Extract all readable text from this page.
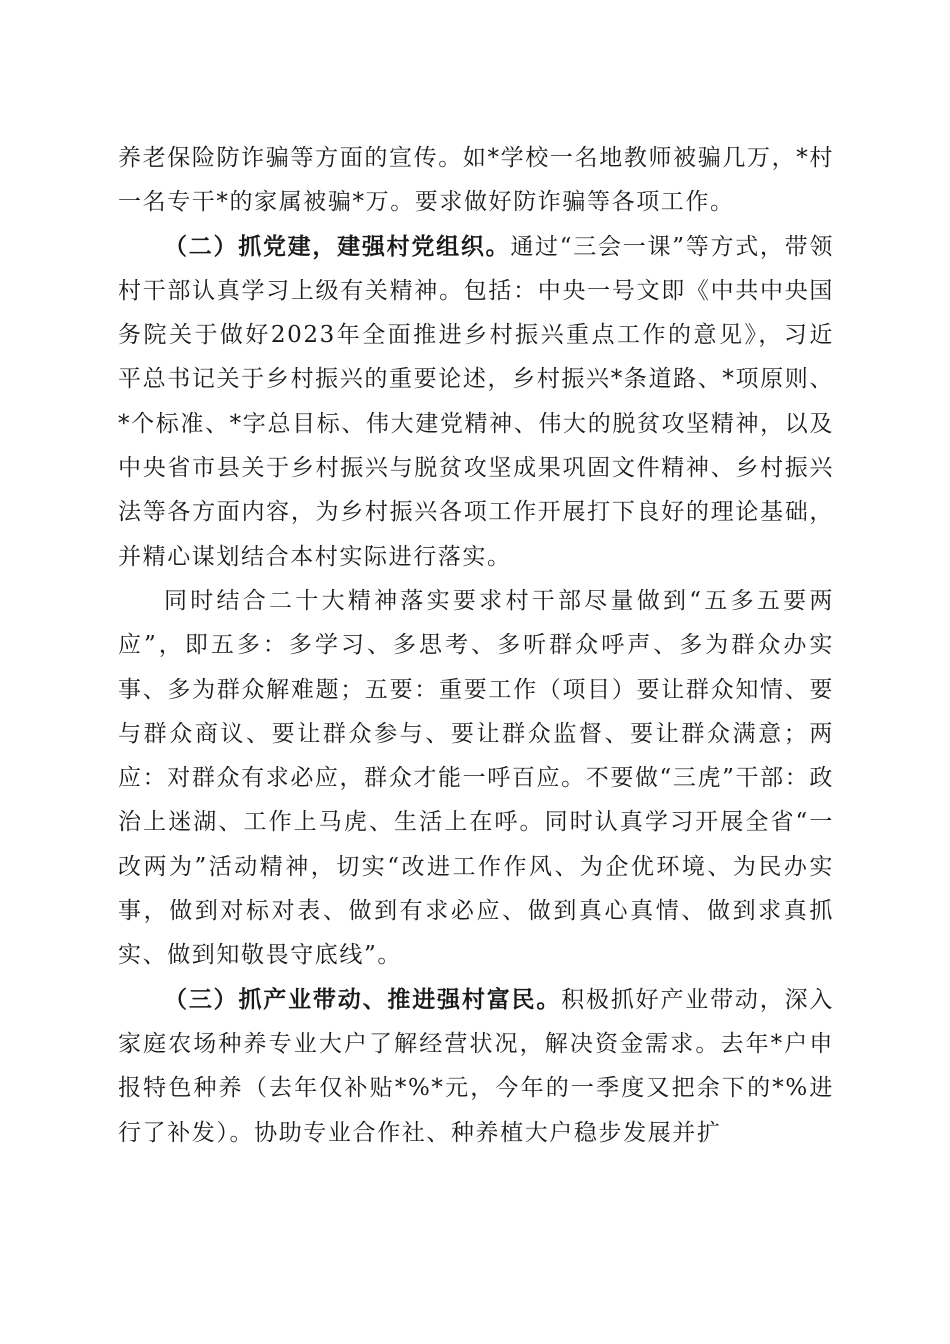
养老保险防诈骗等方面的宣传。如*学校一名地教师被骗几万，*村一名专干*的家属被骗*万。要求做好防诈骗等各项工作。

（二）抓党建，建强村党组织。通过“三会一课”等方式，带领村干部认真学习上级有关精神。包括：中央一号文即《中共中央国务院关于做好2023年全面推进乡村振兴重点工作的意见》，习近平总书记关于乡村振兴的重要论述，乡村振兴*条道路、*项原则、*个标准、*字总目标、伟大建党精神、伟大的脱贫攻坚精神，以及中央省市县关于乡村振兴与脱贫攻坚成果巩固文件精神、乡村振兴法等各方面内容，为乡村振兴各项工作开展打下良好的理论基础，并精心谋划结合本村实际进行落实。

同时结合二十大精神落实要求村干部尽量做到“五多五要两应”，即五多：多学习、多思考、多听群众呼声、多为群众办实事、多为群众解难题；五要：重要工作（项目）要让群众知情、要与群众商议、要让群众参与、要让群众监督、要让群众满意；两应：对群众有求必应，群众才能一呼百应。不要做“三虎”干部：政治上迷湖、工作上马虎、生活上在呼。同时认真学习开展全省“一改两为”活动精神，切实“改进工作作风、为企优环境、为民办实事，做到对标对表、做到有求必应、做到真心真情、做到求真抓实、做到知敬畏守底线”。

（三）抓产业带动、推进强村富民。积极抓好产业带动，深入家庭农场种养专业大户了解经营状况，解决资金需求。去年*户申报特色种养（去年仅补贴*%*元，今年的一季度又把余下的*%进行了补发）。协助专业合作社、种养植大户稳步发展并扩
